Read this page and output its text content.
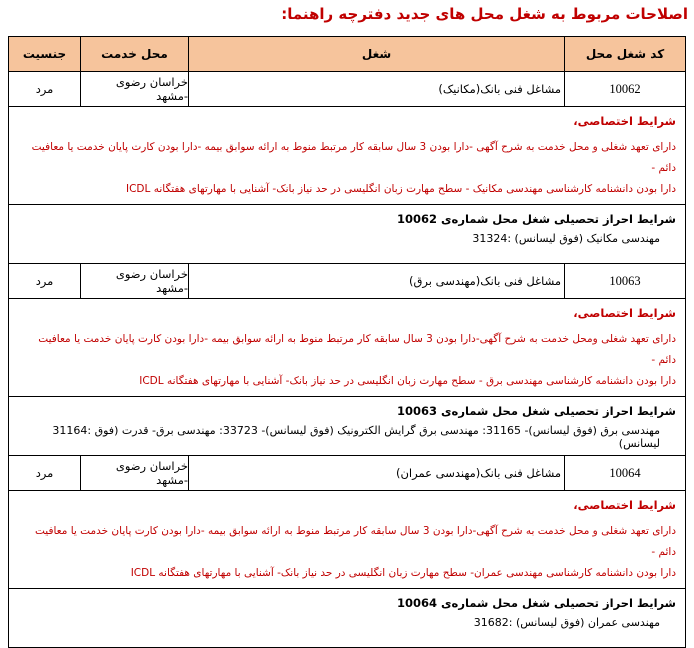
اصلاحات مربوط به شغل محل های جدید دفترچه راهنما:
کد شغل محل
شغل
محل خدمت
جنسیت
10062
مشاغل فنی بانک(مکانیک)
خراسان رضوی -مشهد
مرد
شرایط اختصاصی،
دارای تعهد شغلی و محل خدمت به شرح آگهی -دارا بودن 3 سال سابقه کار مرتبط منوط به ارائه سوابق بیمه -دارا بودن کارت پایان خدمت یا معافیت دائم -
دارا بودن دانشنامه کارشناسی مهندسی مکانیک - سطح مهارت زبان انگلیسی در حد نیاز بانک- آشنایی با مهارتهای هفتگانه ICDL
شرایط احراز تحصیلی شغل محل شماره‌ی 10062
31324: مهندسی مکانیک (فوق لیسانس)
10063
مشاغل فنی بانک(مهندسی برق)
خراسان رضوی -مشهد
مرد
شرایط اختصاصی،
دارای تعهد شغلی ومحل خدمت به شرح آگهی-دارا بودن 3 سال سابقه کار مرتبط منوط به ارائه سوابق بیمه -دارا بودن کارت پایان خدمت یا معافیت دائم -
دارا بودن دانشنامه کارشناسی مهندسی برق - سطح مهارت زبان انگلیسی در حد نیاز بانک- آشنایی با مهارتهای هفتگانه ICDL
شرایط احراز تحصیلی شغل محل شماره‌ی 10063
31164: مهندسی برق (فوق لیسانس)- 31165: مهندسی برق گرایش الکترونیک (فوق لیسانس)- 33723: مهندسی برق- قدرت (فوق لیسانس)
10064
مشاغل فنی بانک(مهندسی عمران)
خراسان رضوی -مشهد
مرد
شرایط اختصاصی،
دارای تعهد شغلی و محل خدمت به شرح آگهی-دارا بودن 3 سال سابقه کار مرتبط منوط به ارائه سوابق بیمه -دارا بودن کارت پایان خدمت یا معافیت دائم -
دارا بودن دانشنامه کارشناسی مهندسی عمران- سطح مهارت زبان انگلیسی در حد نیاز بانک- آشنایی با مهارتهای هفتگانه ICDL
شرایط احراز تحصیلی شغل محل شماره‌ی 10064
31682: مهندسی عمران (فوق لیسانس)
